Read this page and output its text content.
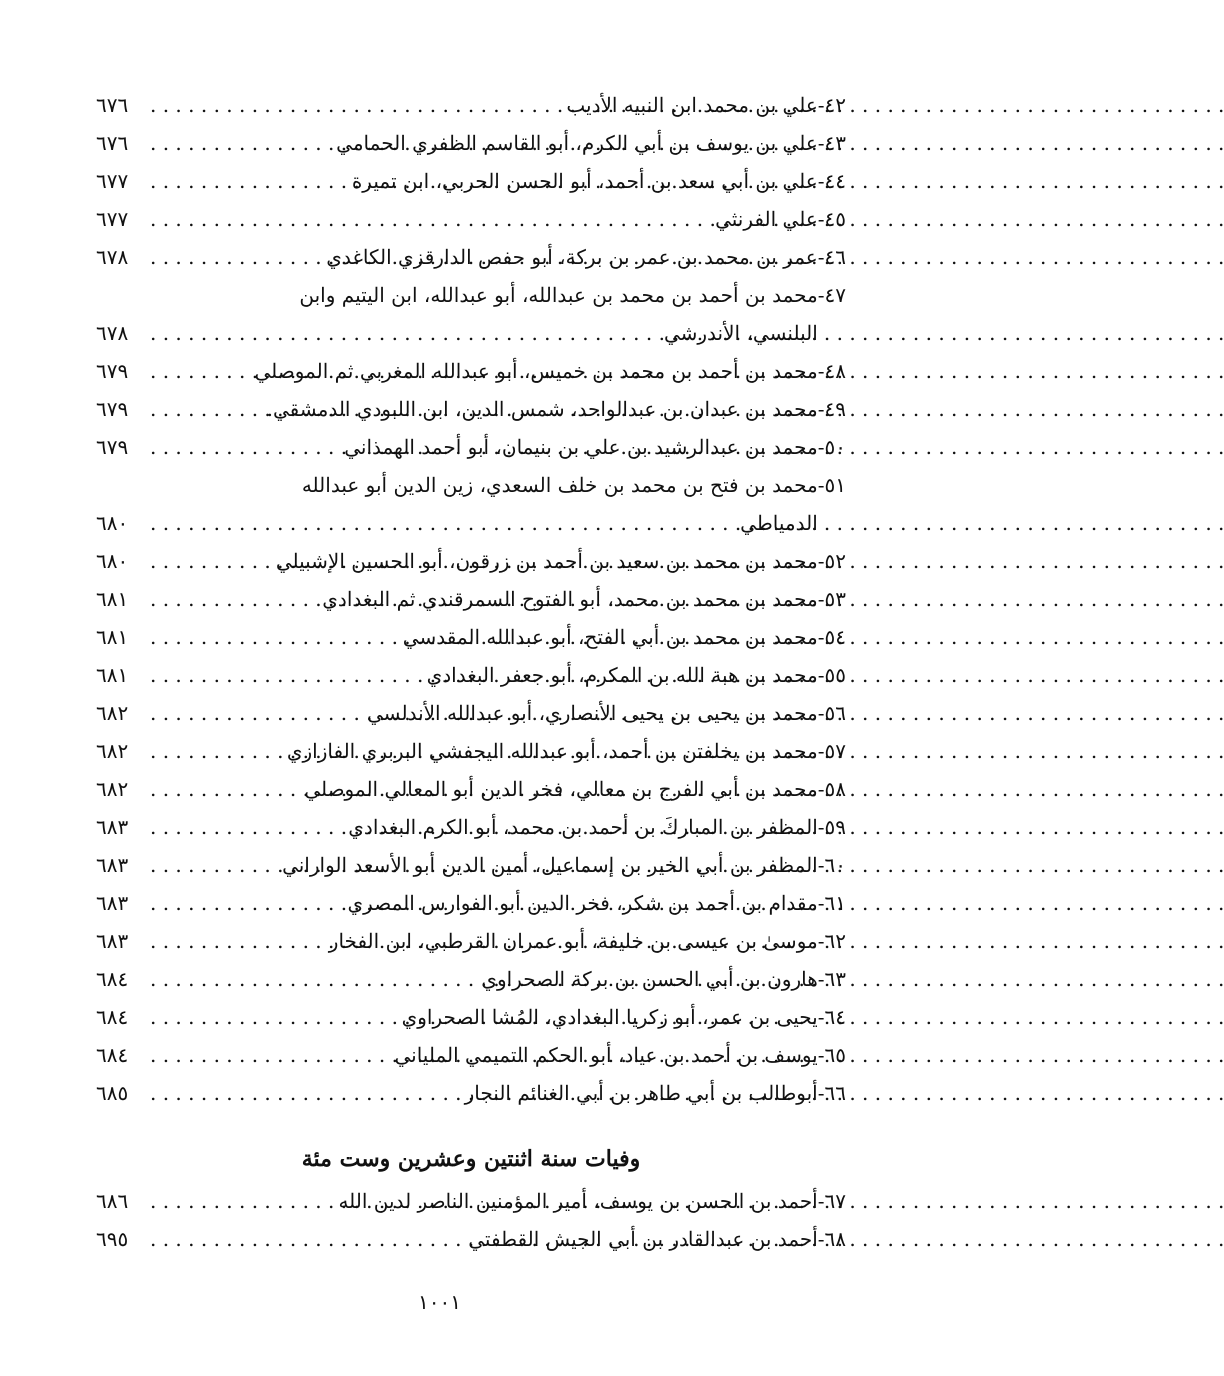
٤٢-
علي بن محمد ابن النبيه الأديب
. . .
٦٧٦
٤٣-
علي بن يوسف بن أبي الكرم، أبو القاسم الظفري الحمامي
. . .
٦٧٦
٤٤-
علي بن أبي سعد بن أحمد، أبو الحسن الحربي، ابن تميرة
. . .
٦٧٧
٤٥-
علي الفرنثي
. . .
٦٧٧
٤٦-
عمر بن محمد بن عمر بن بركة، أبو حفص الدارقزي الكاغدي
. . .
٦٧٨
٤٧-
محمد بن أحمد بن محمد بن عبدالله، أبو عبدالله، ابن اليتيم وابن
البلنسي، الأندرشي
. . .
٦٧٨
٤٨-
محمد بن أحمد بن محمد بن خميس، أبو عبدالله المغربي ثم الموصلي
. . .
٦٧٩
٤٩-
محمد بن عبدان بن عبدالواحد، شمس الدين، ابن اللبودي الدمشقي.
. . .
٦٧٩
٥٠-
محمد بن عبدالرشيد بن علي بن بنيمان، أبو أحمد الهمذاني
. . .
٦٧٩
٥١-
محمد بن فتح بن محمد بن خلف السعدي، زين الدين أبو عبدالله
الدمياطي
. . .
٦٨٠
٥٢-
محمد بن محمد بن سعيد بن أحمد بن زرقون، أبو الحسين الإشبيلي
. . .
٦٨٠
٥٣-
محمد بن محمد بن محمد، أبو الفتوح السمرقندي ثم البغدادي
. . .
٦٨١
٥٤-
محمد بن محمد بن أبي الفتح، أبو عبدالله المقدسي
. . .
٦٨١
٥٥-
محمد بن هبة الله بن المكرم، أبو جعفر البغدادي
. . .
٦٨١
٥٦-
محمد بن يحيى بن يحيى الأنصاري، أبو عبدالله الأندلسي
. . .
٦٨٢
٥٧-
محمد بن يخلفتن بن أحمد، أبو عبدالله اليجفشي البربري الفازازي
. . .
٦٨٢
٥٨-
محمد بن أبي الفرج بن معالي، فخر الدين أبو المعالي الموصلي
. . .
٦٨٢
٥٩-
المظفر بن المباركَ بن أحمد بن محمد، أبو الكرم البغدادي
. . .
٦٨٣
٦٠-
المظفر بن أبي الخير بن إسماعيل، أمين الدين أبو الأسعد الواراني
. . .
٦٨٣
٦١-
مقدام بن أحمد بن شكر، فخر الدين أبو الفوارس المصري
. . .
٦٨٣
٦٢-
موسىٰ بن عيسى بن خليفة، أبو عمران القرطبي، ابن الفخار
. . .
٦٨٣
٦٣-
هارون بن أبي الحسن بن بركة الصحراوي
. . .
٦٨٤
٦٤-
يحيى بن عمر، أبو زكريا البغدادي، المُشا الصحراوي
. . .
٦٨٤
٦٥-
يوسف بن أحمد بن عياد، أبو الحكم التميمي الملياني
. . .
٦٨٤
٦٦-
أبوطالب بن أبي طاهر بن أبي الغنائم النجار
. . .
٦٨٥
وفيات سنة اثنتين وعشرين وست مئة
٦٧-
أحمد بن الحسن بن يوسف، أمير المؤمنين الناصر لدين الله
. . .
٦٨٦
٦٨-
أحمد بن عبدالقادر بن أبي الجيش القطفتي
. . .
٦٩٥
١٠٠١
